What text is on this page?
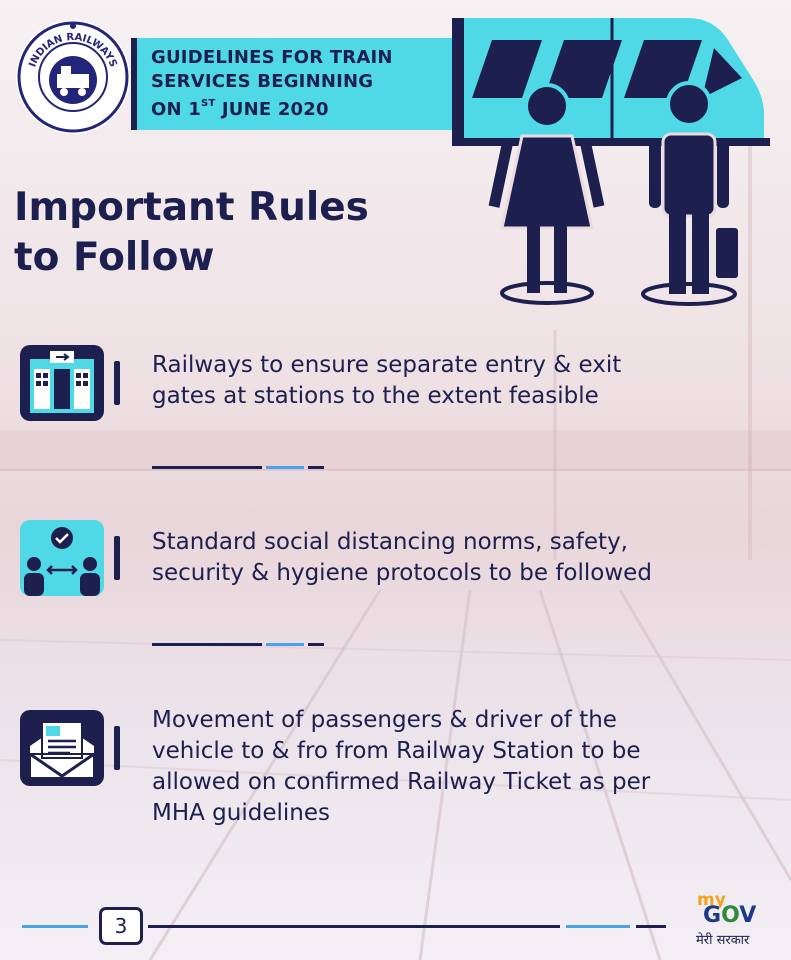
INDIAN RAILWAYS GUIDELINES FOR TRAIN
SERVICES BEGINNING
ON 1ST JUNE 2020
Important Rules
to Follow
Railways to ensure separate entry & exit
gates at stations to the extent feasible
Standard social distancing norms, safety,
security & hygiene protocols to be followed
Movement of passengers & driver of the
vehicle to & fro from Railway Station to be
allowed on confirmed Railway Ticket as per
MHA guidelines
3
my
GOV
मेरी सरकार
